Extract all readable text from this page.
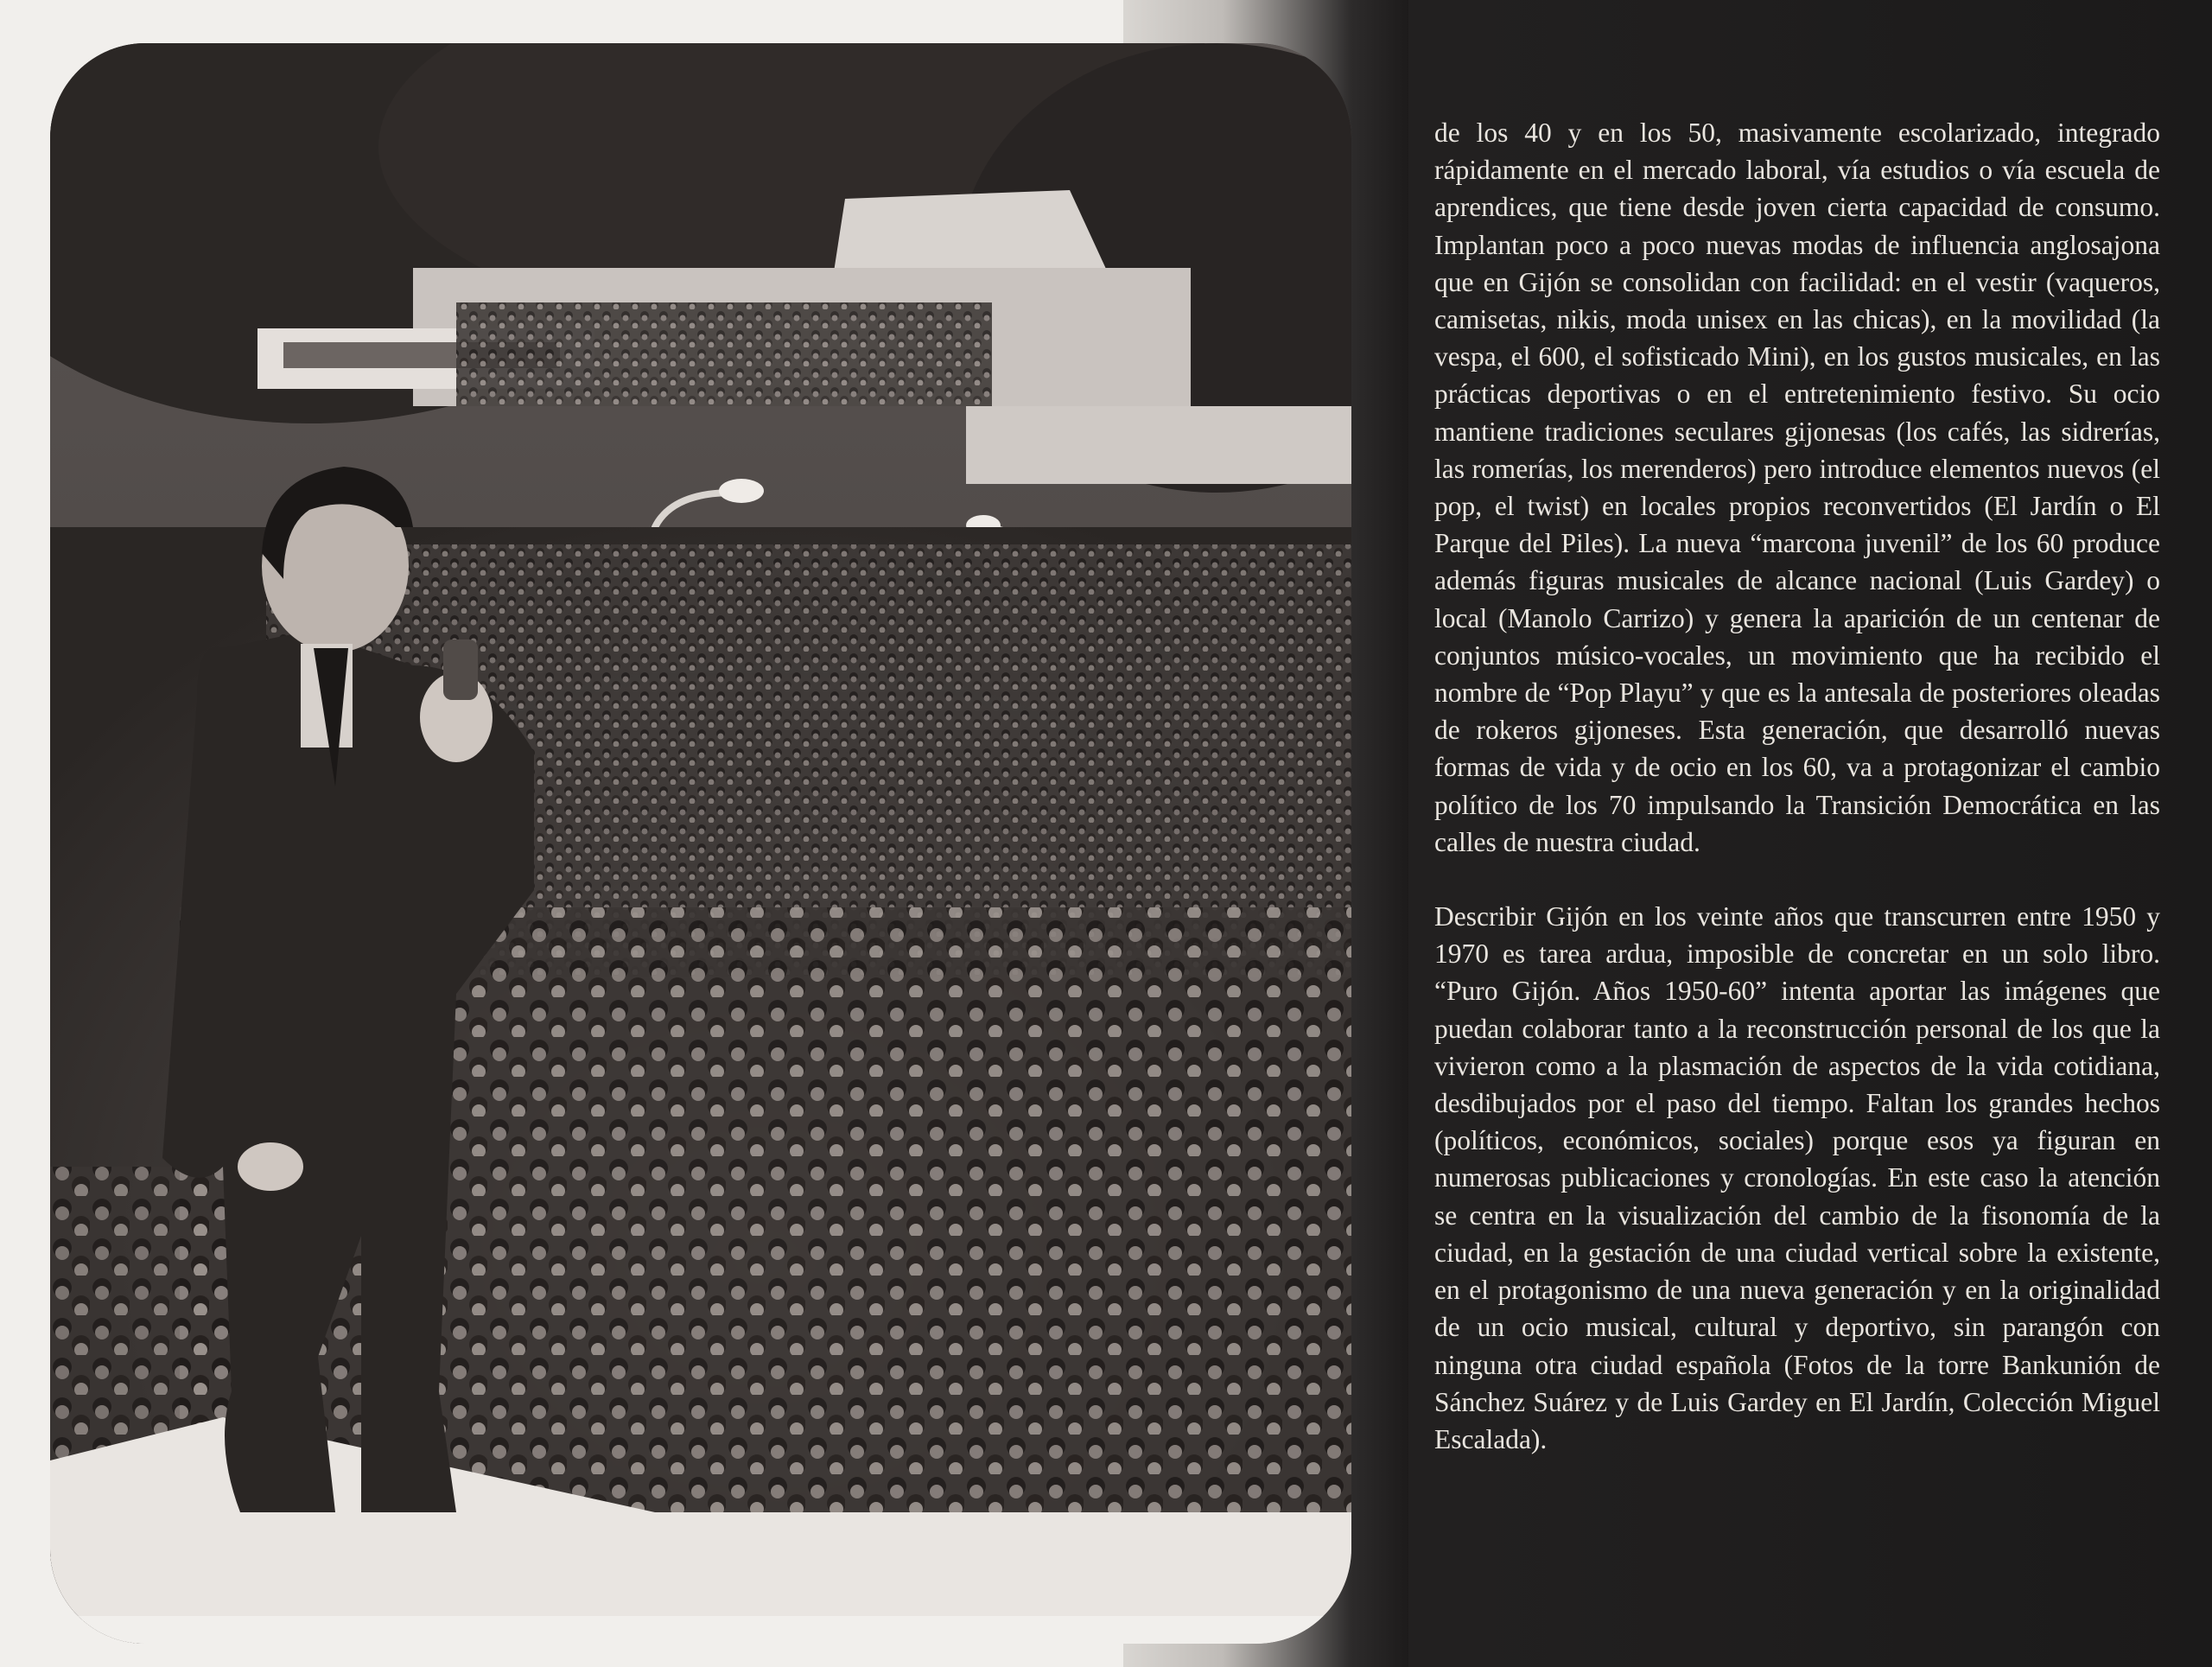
de los 40 y en los 50, masivamente escolarizado, integrado rápidamente en el mercado laboral, vía estudios o vía escuela de aprendices, que tiene desde joven cierta capacidad de consumo. Implantan poco a poco nuevas modas de influencia anglosajona que en Gijón se consolidan con facilidad: en el vestir (vaqueros, camisetas, nikis, moda unisex en las chicas), en la movilidad (la vespa, el 600, el sofisticado Mini), en los gustos musicales, en las prácticas deportivas o en el entretenimiento festivo. Su ocio mantiene tradiciones seculares gijonesas (los cafés, las sidrerías, las romerías, los merenderos) pero introduce elementos nuevos (el pop, el twist) en locales propios reconvertidos (El Jardín o El Parque del Piles). La nueva “marcona juvenil” de los 60 produce además figuras musicales de alcance nacional (Luis Gardey) o local (Manolo Carrizo) y genera la aparición de un centenar de conjuntos músico-vocales, un movimiento que ha recibido el nombre de “Pop Playu” y que es la antesala de posteriores oleadas de rokeros gijoneses. Esta generación, que desarrolló nuevas formas de vida y de ocio en los 60, va a protagonizar el cambio político de los 70 impulsando la Transición Democrática en las calles de nuestra ciudad.

Describir Gijón en los veinte años que transcurren entre 1950 y 1970 es tarea ardua, imposible de concretar en un solo libro. “Puro Gijón. Años 1950-60” intenta aportar las imágenes que puedan colaborar tanto a la reconstrucción personal de los que la vivieron como a la plasmación de aspectos de la vida cotidiana, desdibujados por el paso del tiempo. Faltan los grandes hechos (políticos, económicos, sociales) porque esos ya figuran en numerosas publicaciones y cronologías. En este caso la atención se centra en la visualización del cambio de la fisonomía de la ciudad, en la gestación de una ciudad vertical sobre la existente, en el protagonismo de una nueva generación y en la originalidad de un ocio musical, cultural y deportivo, sin parangón con ninguna otra ciudad española (Fotos de la torre Bankunión de Sánchez Suárez y de Luis Gardey en El Jardín, Colección Miguel Escalada).
